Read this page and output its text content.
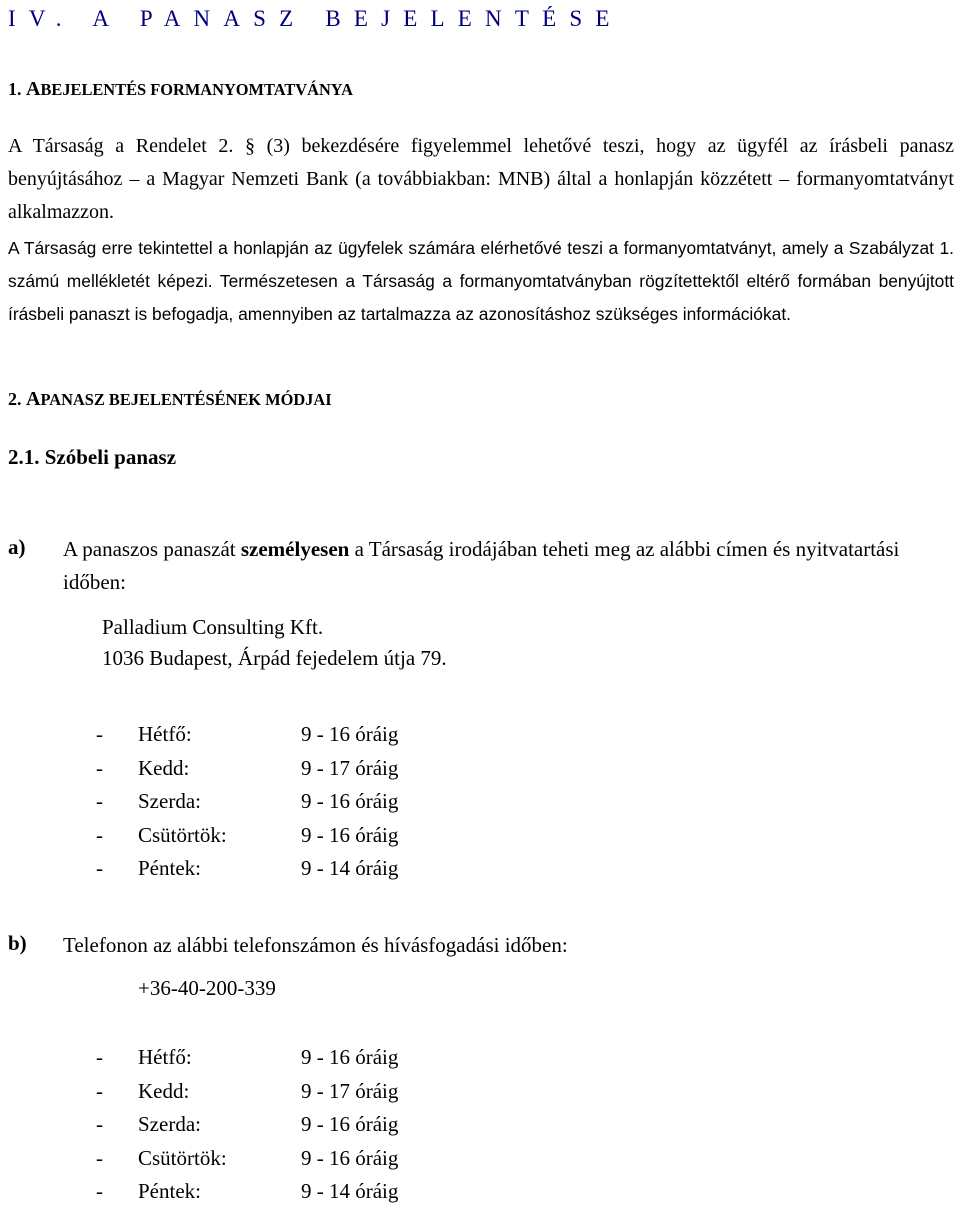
IV. A PANASZ BEJELENTÉSE
1. ABEJELENTÉS FORMANYOMTATVÁNYA

A Társaság a Rendelet 2. § (3) bekezdésére figyelemmel lehetővé teszi, hogy az ügyfél az írásbeli panasz benyújtásához – a Magyar Nemzeti Bank (a továbbiakban: MNB) által a honlapján közzétett – formanyomtatványt alkalmazzon.

A Társaság erre tekintettel a honlapján az ügyfelek számára elérhetővé teszi a formanyomtatványt, amely a Szabályzat 1. számú mellékletét képezi. Természetesen a Társaság a formanyomtatványban rögzítettektől eltérő formában benyújtott írásbeli panaszt is befogadja, amennyiben az tartalmazza az azonosításhoz szükséges információkat.

2. APANASZ BEJELENTÉSÉNEK MÓDJAI
2.1. Szóbeli panasz
a) A panaszos panaszát személyesen a Társaság irodájában teheti meg az alábbi címen és nyitvatartási időben:

Palladium Consulting Kft.
1036 Budapest, Árpád fejedelem útja 79.
- Hétfő:	9 - 16 óráig
- Kedd:	9 - 17 óráig
- Szerda:	9 - 16 óráig
- Csütörtök:	9 - 16 óráig
- Péntek:	9 - 14 óráig
b) Telefonon az alábbi telefonszámon és hívásfogadási időben:

+36-40-200-339
- Hétfő:	9 - 16 óráig
- Kedd:	9 - 17 óráig
- Szerda:	9 - 16 óráig
- Csütörtök:	9 - 16 óráig
- Péntek:	9 - 14 óráig
